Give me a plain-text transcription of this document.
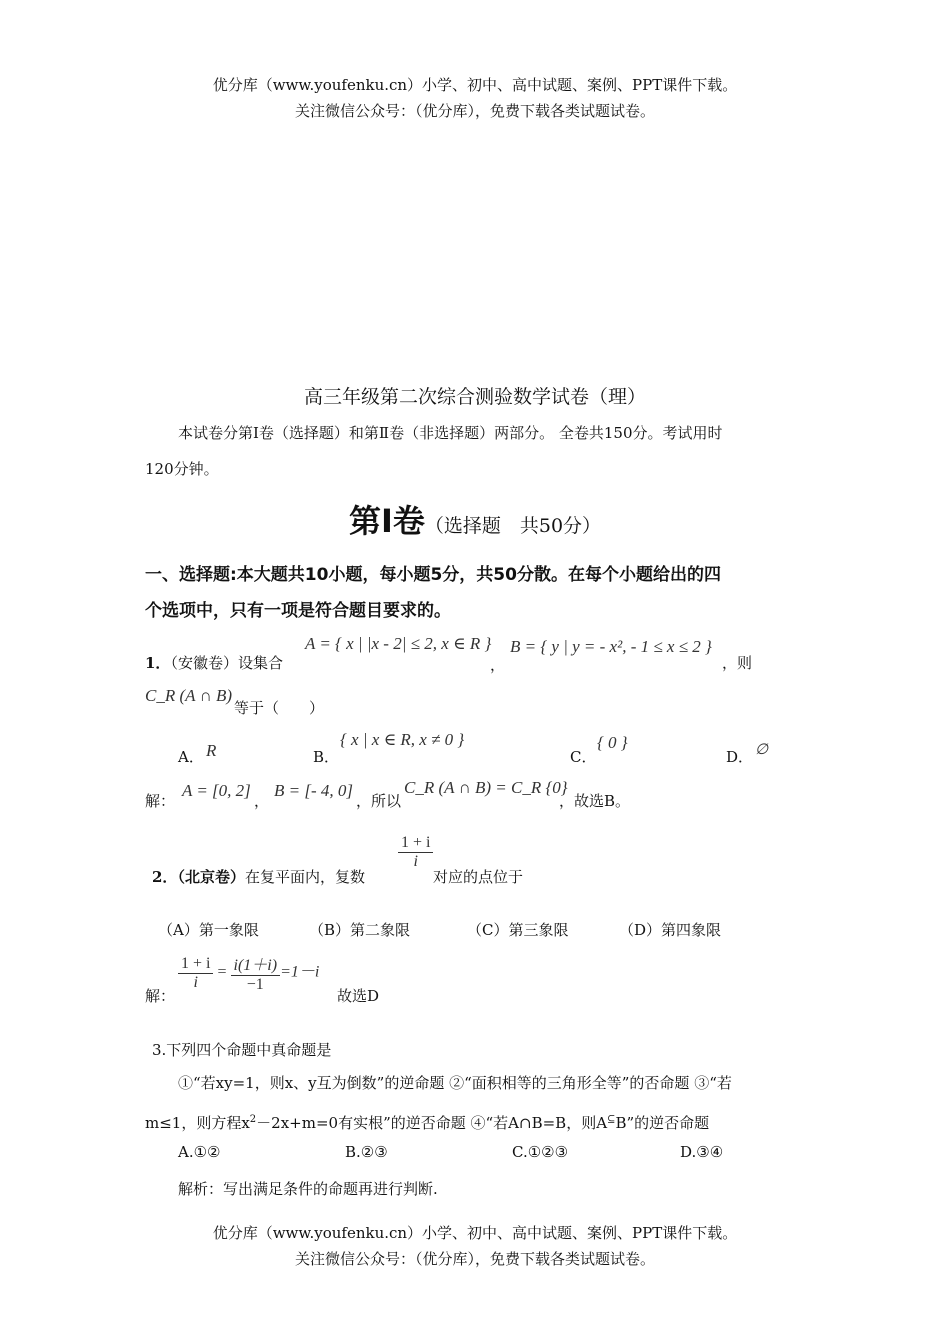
优分库（www.youfenku.cn）小学、初中、高中试题、案例、PPT课件下载。
关注微信公众号：（优分库），免费下载各类试题试卷。
高三年级第二次综合测验数学试卷（理）
本试卷分第Ⅰ卷（选择题）和第Ⅱ卷（非选择题）两部分。 全卷共150分。考试用时
120分钟。
第Ⅰ卷（选择题　共50分）
一、选择题:本大题共10小题，每小题5分，共50分散。在每个小题给出的四
个选项中，只有一项是符合题目要求的。
1．（安徽卷）设集合
A = { x | |x - 2| ≤ 2, x ∈ R }
，
B = { y | y = - x², - 1 ≤ x ≤ 2 }
，则
C_R (A ∩ B)
等于（　　）
A． R	B．
{ x | x ∈ R, x ≠ 0 }
C．
{ 0 }
D． ∅
解：
A = [0, 2]
，
B = [- 4, 0]
，所以
C_R (A ∩ B) = C_R {0}
，故选B。
2．（北京卷）在复平面内，复数
$\frac{1 + i}{i}$
对应的点位于
（A）第一象限	（B）第二象限	（C）第三象限	（D）第四象限
解：
$\frac{1 + i}{i} = \frac{i(1+i)}{-1} =1-i$
故选D
3.下列四个命题中真命题是
①“若xy=1，则x、y互为倒数”的逆命题 ②“面积相等的三角形全等”的否命题 ③“若
m≤1，则方程$x^2-2x+m=0$有实根”的逆否命题 ④“若A∩B=B，则A⊆B”的逆否命题
A.①②	B.②③	C.①②③	D.③④
解析：写出满足条件的命题再进行判断.
优分库（www.youfenku.cn）小学、初中、高中试题、案例、PPT课件下载。
关注微信公众号：（优分库），免费下载各类试题试卷。
